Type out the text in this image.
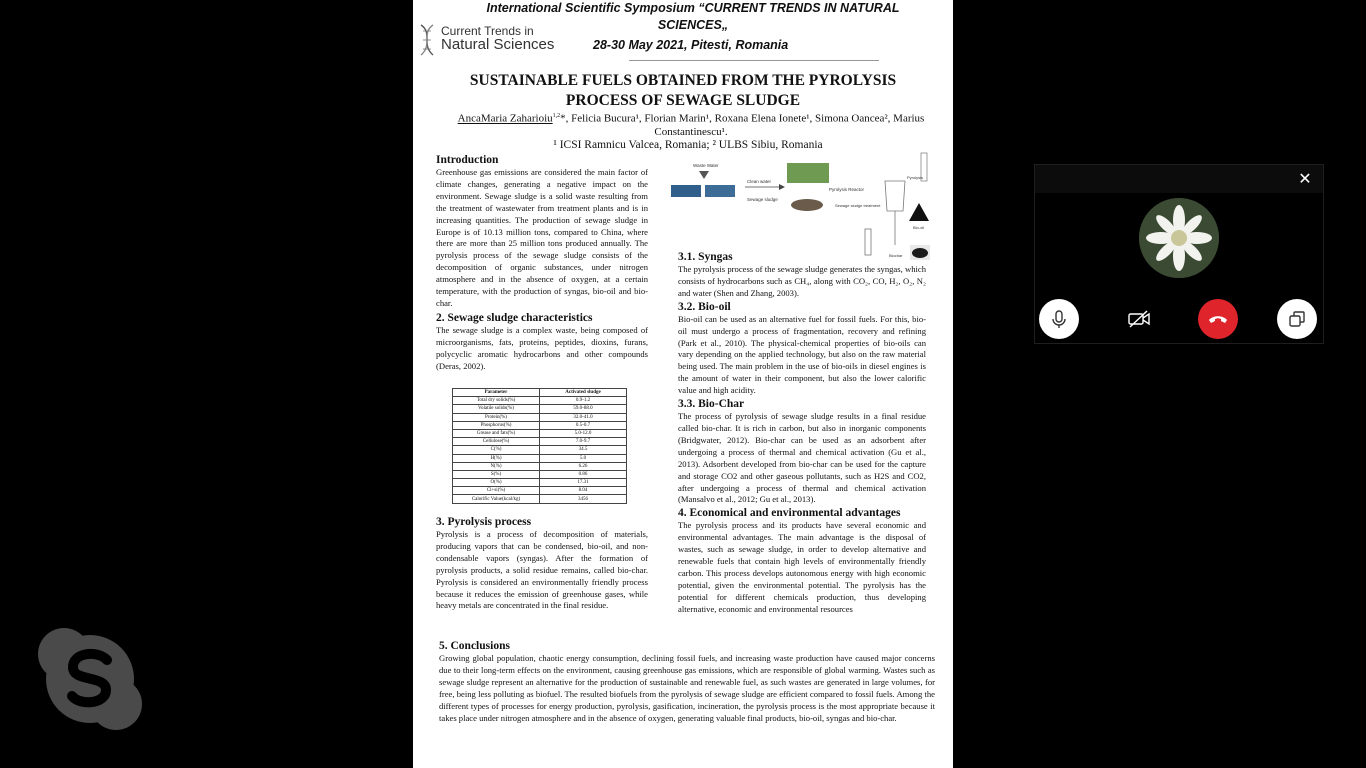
International Scientific Symposium “CURRENT TRENDS IN NATURAL
SCIENCES„
Current Trends in
Natural Sciences	28-30 May 2021, Pitesti, Romania
SUSTAINABLE FUELS OBTAINED FROM THE PYROLYSIS
PROCESS OF SEWAGE SLUDGE
AncaMaria Zaharioiu$^{1,2}$*, Felicia Bucura¹, Florian Marin¹, Roxana Elena Ionete¹, Simona Oancea², Marius Constantinescu¹.
¹ ICSI Ramnicu Valcea, Romania; ² ULBS Sibiu, Romania
Introduction
Greenhouse gas emissions are considered the main factor of climate changes, generating a negative impact on the environment. Sewage sludge is a solid waste resulting from the treatment of wastewater from treatment plants and is in increasing quantities. The production of sewage sludge in Europe is of 10.13 million tons, compared to China, where there are more than 25 million tons produced annually. The pyrolysis process of the sewage sludge consists of the decomposition of organic substances, under nitrogen atmosphere and in the absence of oxygen, at a certain temperature, with the production of syngas, bio-oil and bio-char.
2. Sewage sludge characteristics
The sewage sludge is a complex waste, being composed of microorganisms, fats, proteins, peptides, dioxins, furans, polycyclic aromatic hydrocarbons and other compounds (Deras, 2002).
Parameter	Activated sludge
Total dry solids(%)	0.9-1.2
Volatile solids(%)	59.0-88.0
Protein(%)	32.0-41.0
Phosphorus(%)	0.5-0.7
Grease and fats(%)	5.0-12.0
Cellulose(%)	7.0-9.7
C(%)	34.5
H(%)	5.0
N(%)	6.26
S(%)	0.86
O(%)	17.31
Cl+si(%)	8.04
Calorific Value(kcal/kg)	3456
3. Pyrolysis process
Pyrolysis is a process of decomposition of materials, producing vapors that can be condensed, bio-oil, and non-condensable vapors (syngas). After the formation of pyrolysis products, a solid residue remains, called bio-char. Pyrolysis is considered an environmentally friendly process because it reduces the emission of greenhouse gases, while heavy metals are concentrated in the final residue.
Waste Water
Clean water
Sewage sludge
Pyrolysis Reactor
Sewage sludge treatment
Pyrolysis
Bio-oil
Biochar
3.1. Syngas
The pyrolysis process of the sewage sludge generates the syngas, which consists of hydrocarbons such as CH₄, along with CO₂, CO, H₂, O₂, N₂ and water (Shen and Zhang, 2003).
3.2. Bio-oil
Bio-oil can be used as an alternative fuel for fossil fuels. For this, bio-oil must undergo a process of fragmentation, recovery and refining (Park et al., 2010). The physical-chemical properties of bio-oils can vary depending on the applied technology, but also on the raw material being used. The main problem in the use of bio-oils in diesel engines is the amount of water in their component, but also the lower calorific value and high acidity.
3.3. Bio-Char
The process of pyrolysis of sewage sludge results in a final residue called bio-char. It is rich in carbon, but also in inorganic components (Bridgwater, 2012). Bio-char can be used as an adsorbent after undergoing a process of thermal and chemical activation (Gu et al., 2013). Adsorbent developed from bio-char can be used for the capture and storage CO2 and other gaseous pollutants, such as H2S and CO2, after undergoing a process of thermal and chemical activation (Mansalvo et al., 2012; Gu et al., 2013).
4. Economical and environmental advantages
The pyrolysis process and its products have several economic and environmental advantages. The main advantage is the disposal of wastes, such as sewage sludge, in order to develop alternative and renewable fuels that contain high levels of environmentally friendly carbon. This process develops autonomous energy with high economic potential, given the environmental potential. The pyrolysis has the potential for different chemicals production, thus developing alternative, economic and environmental resources
5. Conclusions
Growing global population, chaotic energy consumption, declining fossil fuels, and increasing waste production have caused major concerns due to their long-term effects on the environment, causing greenhouse gas emissions, which are responsible of global warming. Wastes such as sewage sludge represent an alternative for the production of sustainable and renewable fuel, as such wastes are generated in large volumes, for free, being less polluting as biofuel. The resulted biofuels from the pyrolysis of sewage sludge are efficient compared to fossil fuels. Among the different types of processes for energy production, pyrolysis, gasification, incineration, the pyrolysis process is the most appropriate because it takes place under nitrogen atmosphere and in the absence of oxygen, generating valuable final products, bio-oil, syngas and bio-char.
✕
